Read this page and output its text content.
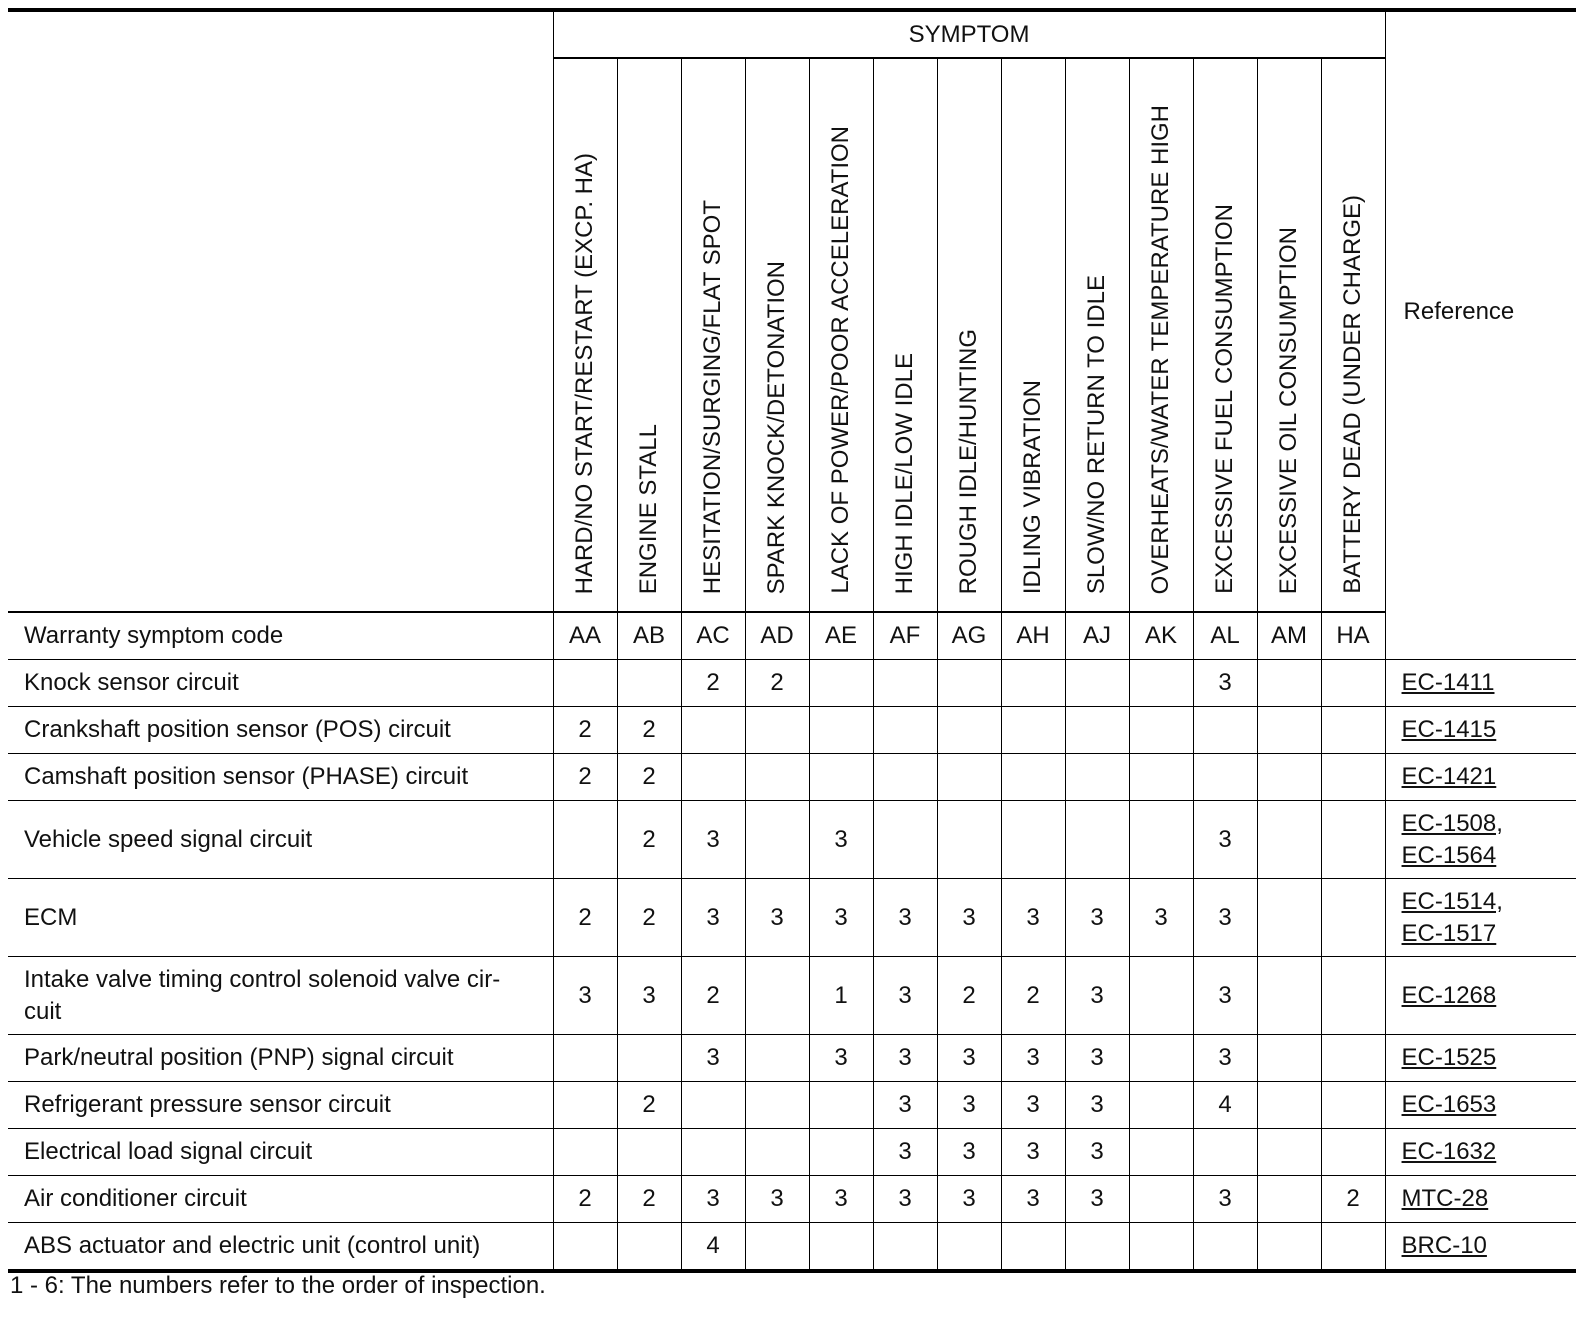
	SYMPTOM													Reference
	HARD/NO START/RESTART (EXCP. HA)	ENGINE STALL	HESITATION/SURGING/FLAT SPOT	SPARK KNOCK/DETONATION	LACK OF POWER/POOR ACCELERATION	HIGH IDLE/LOW IDLE	ROUGH IDLE/HUNTING	IDLING VIBRATION	SLOW/NO RETURN TO IDLE	OVERHEATS/WATER TEMPERATURE HIGH	EXCESSIVE FUEL CONSUMPTION	EXCESSIVE OIL CONSUMPTION	BATTERY DEAD (UNDER CHARGE)	
Warranty symptom code	AA	AB	AC	AD	AE	AF	AG	AH	AJ	AK	AL	AM	HA	
Knock sensor circuit			2	2							3			EC-1411

Crankshaft position sensor (POS) circuit	2	2												EC-1415

Camshaft position sensor (PHASE) circuit	2	2												EC-1421

Vehicle speed signal circuit		2	3		3						3			EC-1508,
EC-1564

ECM	2	2	3	3	3	3	3	3	3	3	3			EC-1514,
EC-1517

Intake valve timing control solenoid valve cir-
cuit	3	3	2		1	3	2	2	3		3			EC-1268

Park/neutral position (PNP) signal circuit			3		3	3	3	3	3		3			EC-1525

Refrigerant pressure sensor circuit		2				3	3	3	3		4			EC-1653

Electrical load signal circuit						3	3	3	3					EC-1632

Air conditioner circuit	2	2	3	3	3	3	3	3	3		3		2	MTC-28

ABS actuator and electric unit (control unit)			4											BRC-10
1 - 6: The numbers refer to the order of inspection.
